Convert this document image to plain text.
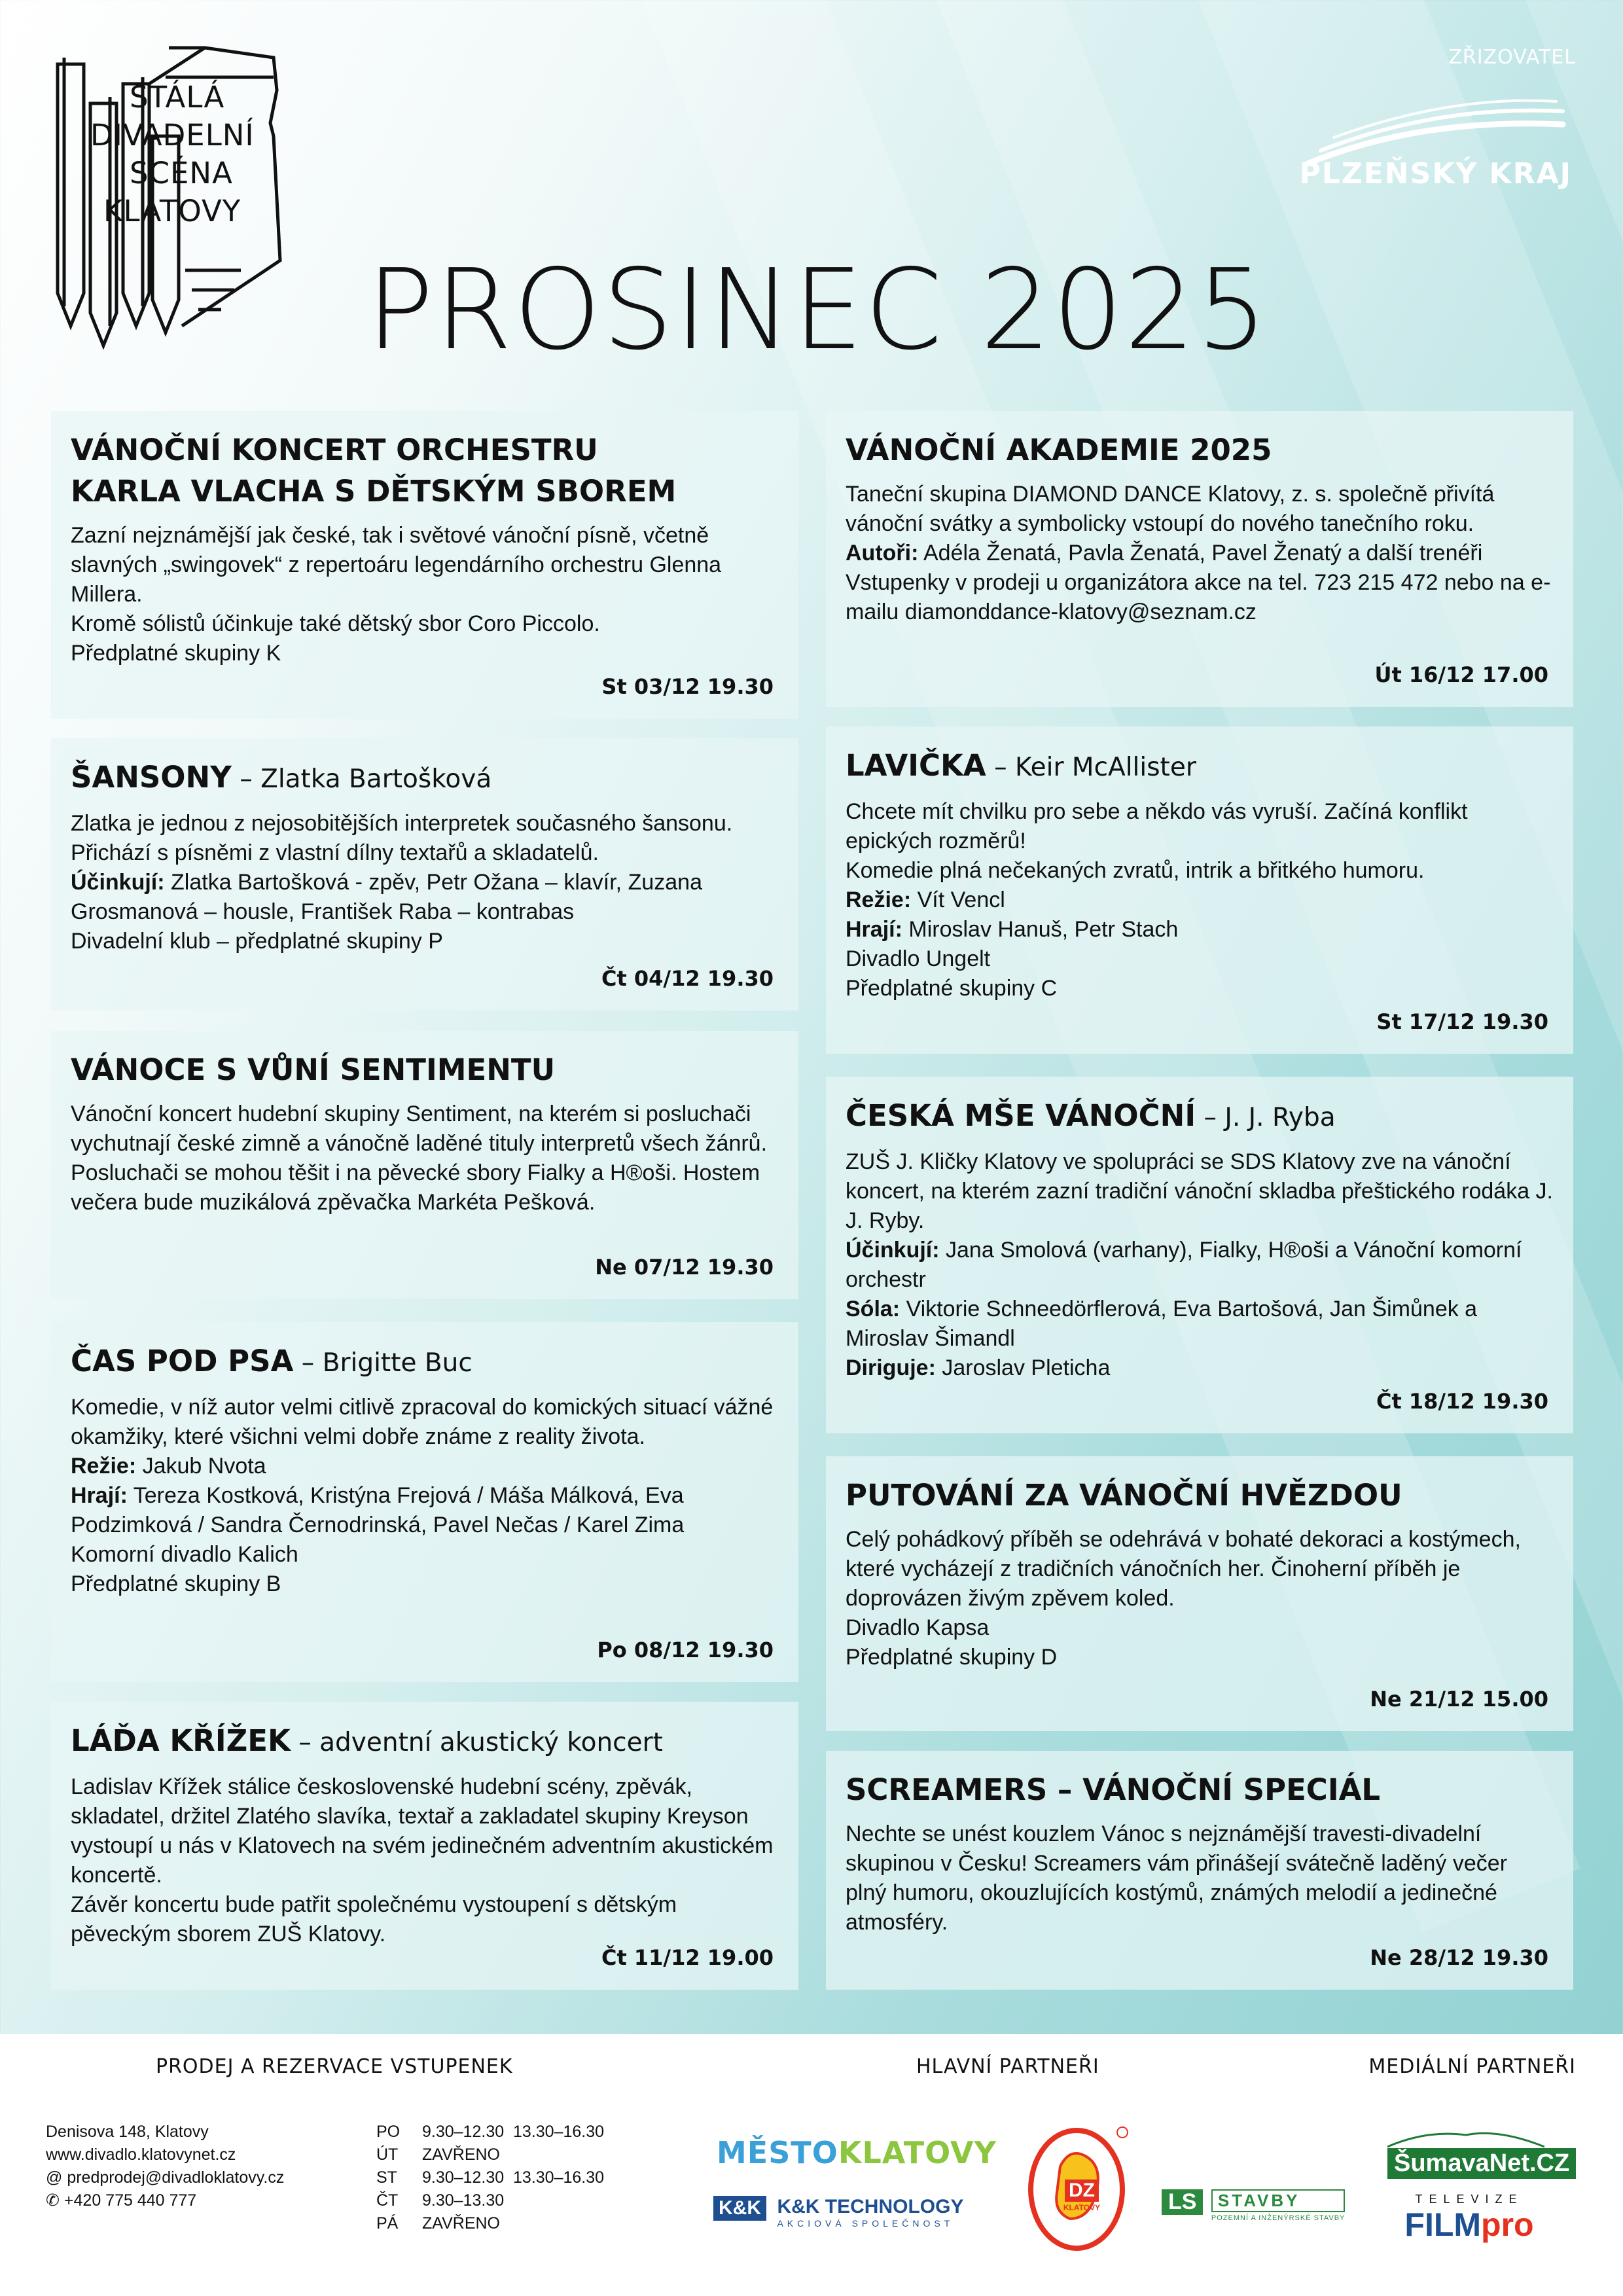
STÁLÁ
DIVADELNÍ
SCÉNA
KLATOVY
ZŘIZOVATEL
PLZEŇSKÝ KRAJ
PROSINEC 2025
VÁNOČNÍ KONCERT ORCHESTRU
KARLA VLACHA S DĚTSKÝM SBOREM
Zazní nejznámější jak české, tak i světové vánoční písně, včetně slavných „swingovek“ z repertoáru legendárního orchestru Glenna Millera.
Kromě sólistů účinkuje také dětský sbor Coro Piccolo.
Předplatné skupiny K
St 03/12 19.30
ŠANSONY – Zlatka Bartošková
Zlatka je jednou z nejosobitějších interpretek současného šansonu. Přichází s písněmi z vlastní dílny textařů a skladatelů.
Účinkují: Zlatka Bartošková - zpěv, Petr Ožana – klavír, Zuzana Grosmanová – housle, František Raba – kontrabas
Divadelní klub – předplatné skupiny P
Čt 04/12 19.30
VÁNOCE S VŮNÍ SENTIMENTU
Vánoční koncert hudební skupiny Sentiment, na kterém si posluchači vychutnají české zimně a vánočně laděné tituly interpretů všech žánrů. Posluchači se mohou těšit i na pěvecké sbory Fialky a H®oši. Hostem večera bude muzikálová zpěvačka Markéta Pešková.
Ne 07/12 19.30
ČAS POD PSA – Brigitte Buc
Komedie, v níž autor velmi citlivě zpracoval do komických situací vážné okamžiky, které všichni velmi dobře známe z reality života.
Režie: Jakub Nvota
Hrají: Tereza Kostková, Kristýna Frejová / Máša Málková, Eva Podzimková / Sandra Černodrinská, Pavel Nečas / Karel Zima
Komorní divadlo Kalich
Předplatné skupiny B
Po 08/12 19.30
LÁĎA KŘÍŽEK – adventní akustický koncert
Ladislav Křížek stálice československé hudební scény, zpěvák, skladatel, držitel Zlatého slavíka, textař a zakladatel skupiny Kreyson vystoupí u nás v Klatovech na svém jedinečném adventním akustickém koncertě.
Závěr koncertu bude patřit společnému vystoupení s dětským pěveckým sborem ZUŠ Klatovy.
Čt 11/12 19.00
VÁNOČNÍ AKADEMIE 2025
Taneční skupina DIAMOND DANCE Klatovy, z. s. společně přivítá vánoční svátky a symbolicky vstoupí do nového tanečního roku.
Autoři: Adéla Ženatá, Pavla Ženatá, Pavel Ženatý a další trenéři
Vstupenky v prodeji u organizátora akce na tel. 723 215 472 nebo na e-mailu diamonddance-klatovy@seznam.cz
Út 16/12 17.00
LAVIČKA – Keir McAllister
Chcete mít chvilku pro sebe a někdo vás vyruší. Začíná konflikt epických rozměrů!
Komedie plná nečekaných zvratů, intrik a břitkého humoru.
Režie: Vít Vencl
Hrají: Miroslav Hanuš, Petr Stach
Divadlo Ungelt
Předplatné skupiny C
St 17/12 19.30
ČESKÁ MŠE VÁNOČNÍ – J. J. Ryba
ZUŠ J. Kličky Klatovy ve spolupráci se SDS Klatovy zve na vánoční koncert, na kterém zazní tradiční vánoční skladba přeštického rodáka J. J. Ryby.
Účinkují: Jana Smolová (varhany), Fialky, H®oši a Vánoční komorní orchestr
Sóla: Viktorie Schneedörflerová, Eva Bartošová, Jan Šimůnek a Miroslav Šimandl
Diriguje: Jaroslav Pleticha
Čt 18/12 19.30
PUTOVÁNÍ ZA VÁNOČNÍ HVĚZDOU
Celý pohádkový příběh se odehrává v bohaté dekoraci a kostýmech, které vycházejí z tradičních vánočních her. Činoherní příběh je doprovázen živým zpěvem koled.
Divadlo Kapsa
Předplatné skupiny D
Ne 21/12 15.00
SCREAMERS – VÁNOČNÍ SPECIÁL
Nechte se unést kouzlem Vánoc s nejznámější travesti-divadelní skupinou v Česku! Screamers vám přinášejí svátečně laděný večer plný humoru, okouzlujících kostýmů, známých melodií a jedinečné atmosféry.
Ne 28/12 19.30
PRODEJ A REZERVACE VSTUPENEK	HLAVNÍ PARTNEŘI	MEDIÁLNÍ PARTNEŘI
Denisova 148, Klatovy
www.divadlo.klatovynet.cz
@ predprodej@divadloklatovy.cz
✆ +420 775 440 777
PO 9.30–12.30  13.30–16.30
ÚT ZAVŘENO
ST 9.30–12.30  13.30–16.30
ČT 9.30–13.30
PÁ ZAVŘENO
MĚSTOKLATOVY
K&K K&K TECHNOLOGY
AKCIOVÁ SPOLEČNOST
DZ
KLATOVY	LS	STAVBY
POZEMNÍ A INŽENÝRSKÉ STAVBY
ŠumavaNet.CZ
TELEVIZE
FILMpro
